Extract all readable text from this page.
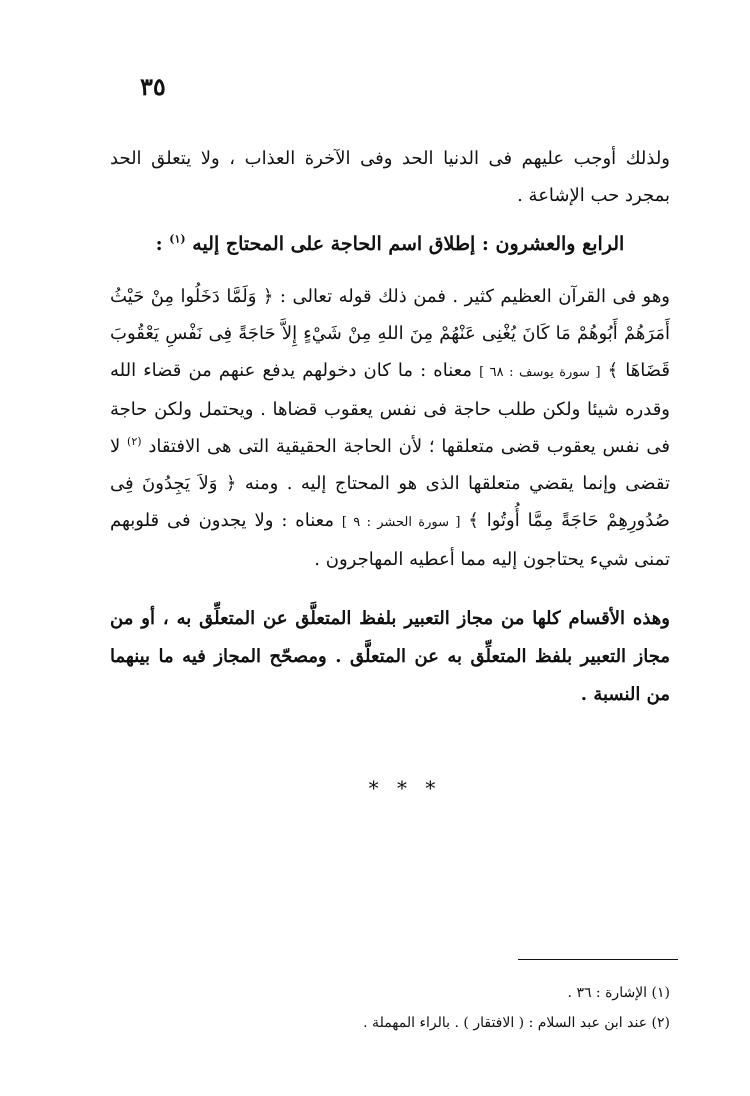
٣٥

ولذلك أوجب عليهم فى الدنيا الحد وفى الآخرة العذاب ، ولا يتعلق الحد بمجرد حب الإشاعة .

الرابع والعشرون : إطلاق اسم الحاجة على المحتاج إليه $^{(١)}$ :

وهو فى القرآن العظيم كثير . فمن ذلك قوله تعالى : ﴿ وَلَمَّا دَخَلُوا مِنْ حَيْثُ أَمَرَهُمْ أَبُوهُمْ مَا كَانَ يُغْنِى عَنْهُمْ مِنَ اللهِ مِنْ شَيْءٍ إِلاَّ حَاجَةً فِى نَفْسِ يَعْقُوبَ قَضَاهَا ﴾ [ سورة يوسف : ٦٨ ] معناه : ما كان دخولهم يدفع عنهم من قضاء الله وقدره شيئا ولكن طلب حاجة فى نفس يعقوب قضاها . ويحتمل ولكن حاجة فى نفس يعقوب قضى متعلقها ؛ لأن الحاجة الحقيقية التى هى الافتقاد $^{(٢)}$ لا تقضى وإنما يقضي متعلقها الذى هو المحتاج إليه . ومنه ﴿ وَلاَ يَجِدُونَ فِى صُدُورِهِمْ حَاجَةً مِمَّا أُوتُوا ﴾ [ سورة الحشر : ٩ ] معناه : ولا يجدون فى قلوبهم تمنى شيء يحتاجون إليه مما أعطيه المهاجرون .

وهذه الأقسام كلها من مجاز التعبير بلفظ المتعلَّق عن المتعلِّق به ، أو من مجاز التعبير بلفظ المتعلِّق به عن المتعلَّق . ومصحّح المجاز فيه ما بينهما من النسبة .

* * *
(١) الإشارة : ٣٦ .
(٢) عند ابن عبد السلام : ( الافتقار ) . بالراء المهملة .
